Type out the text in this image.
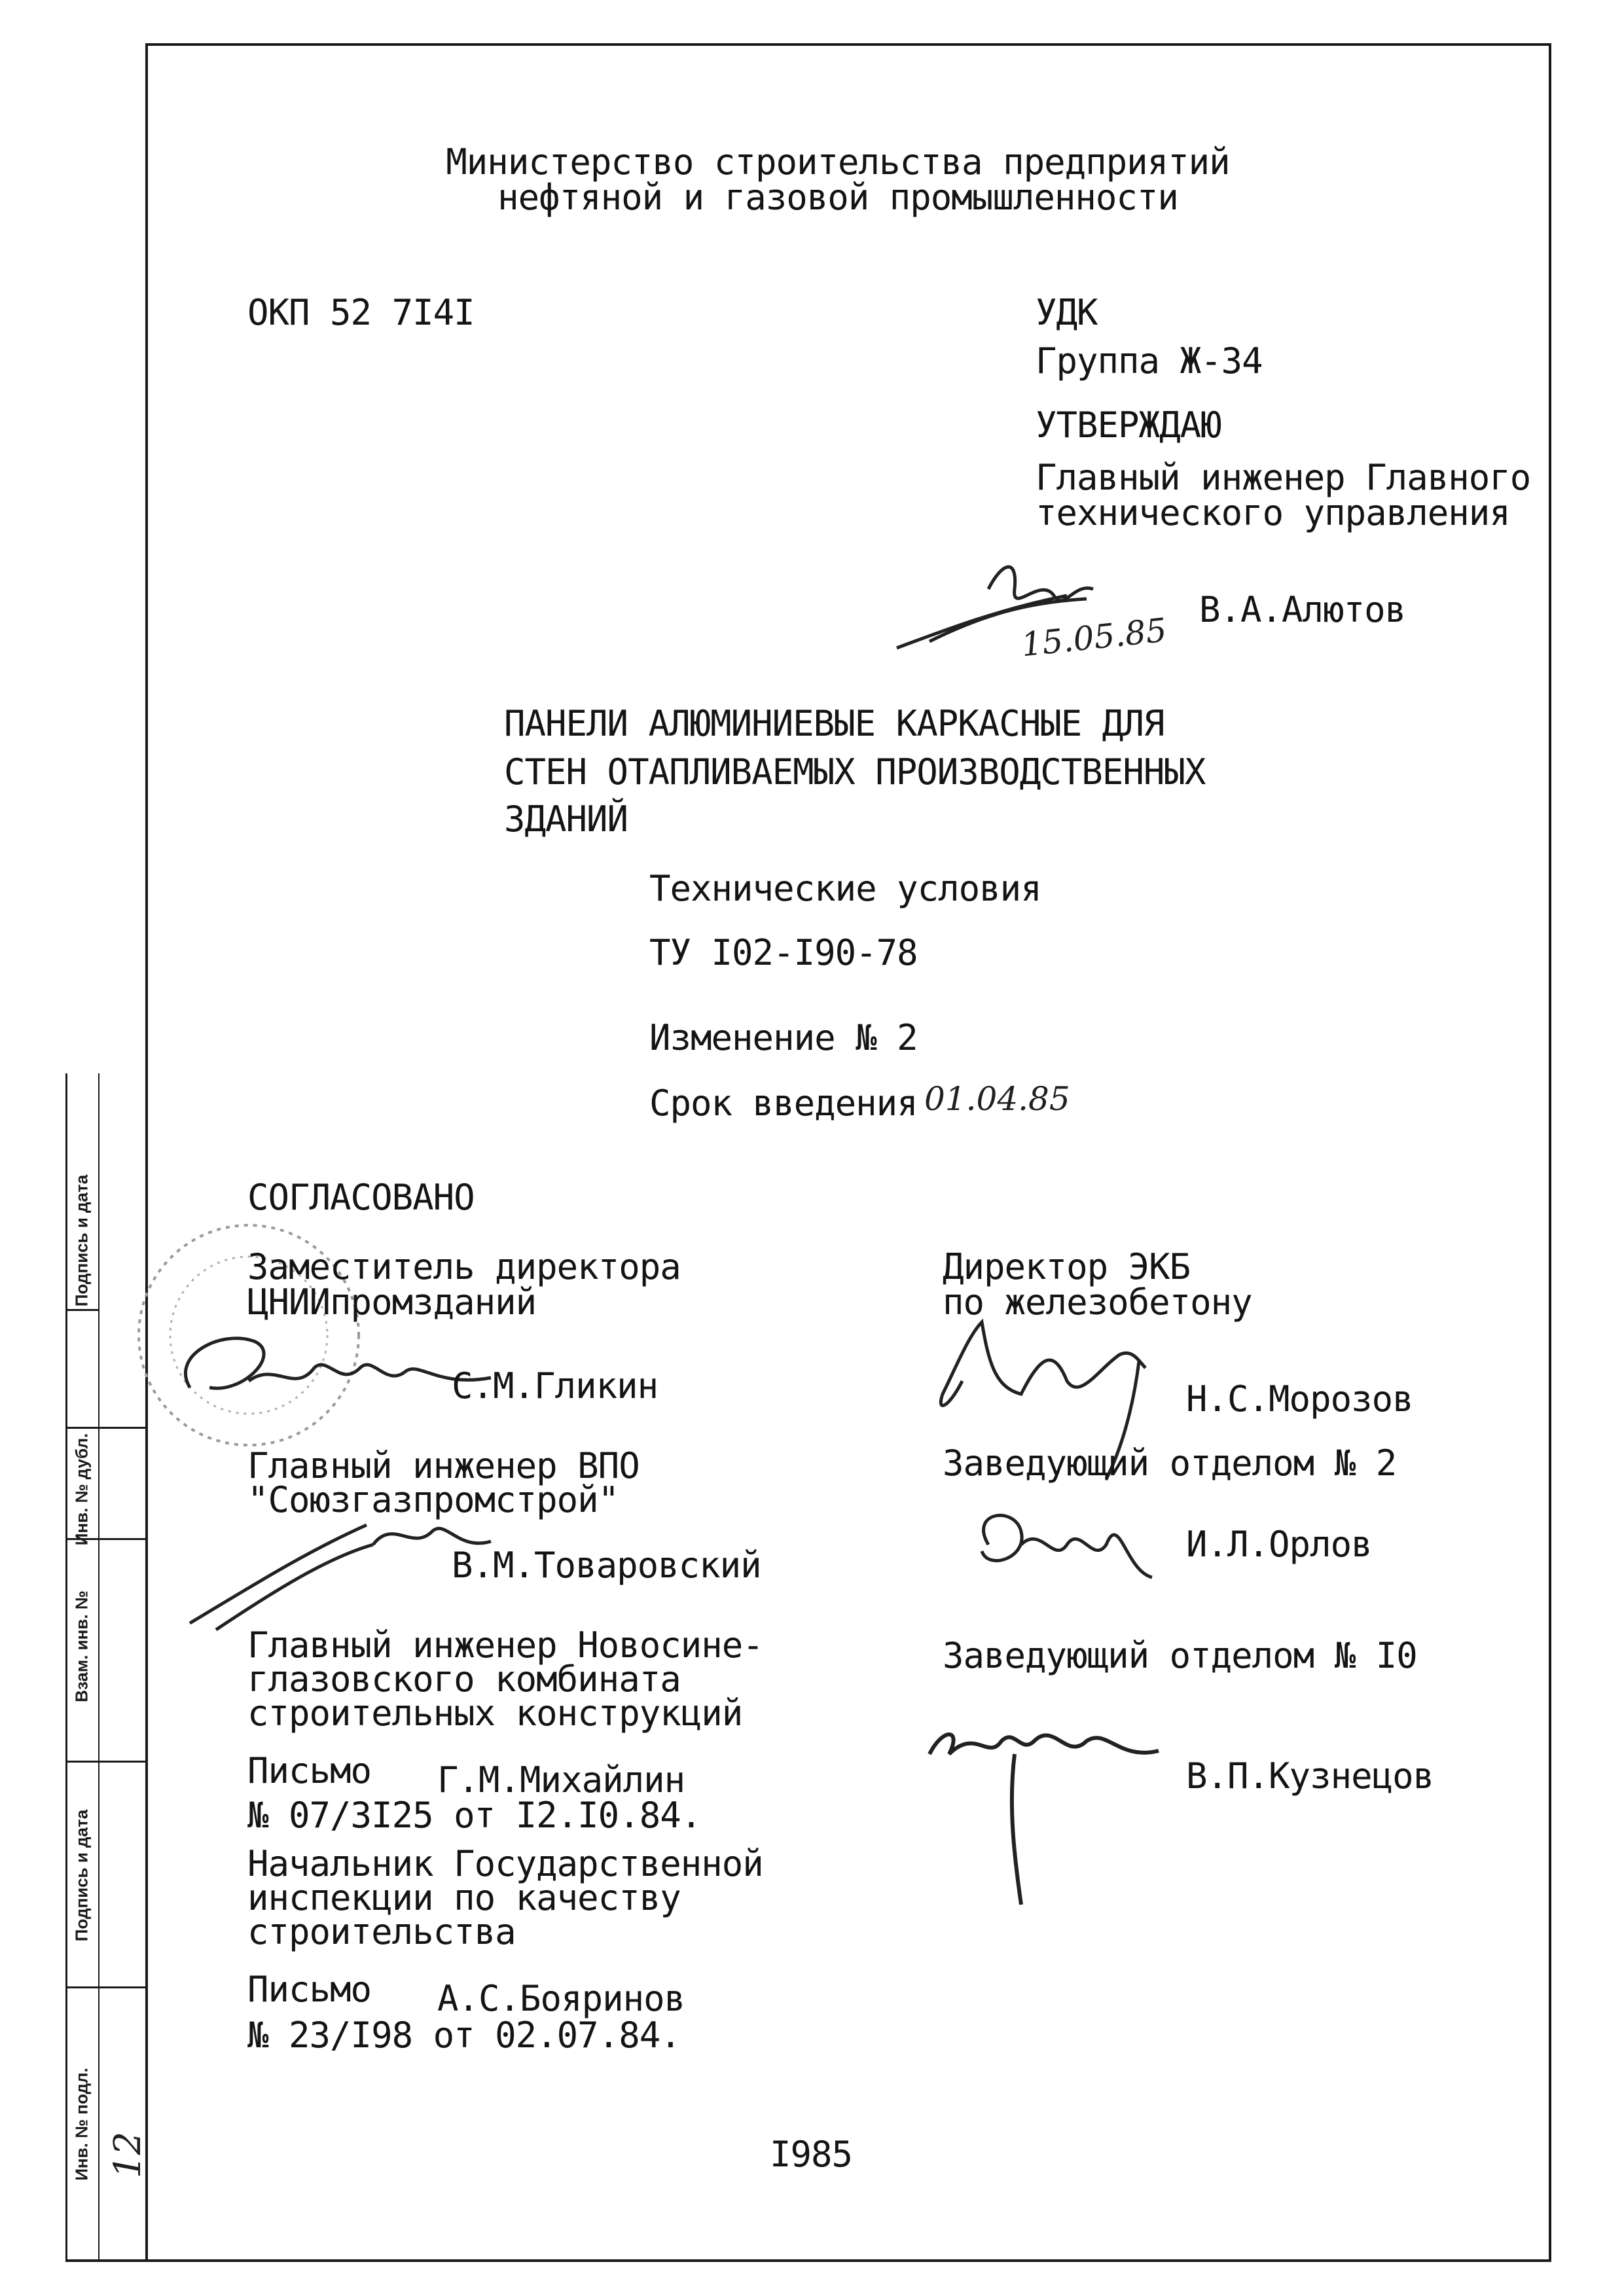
Инв. № подл.
Подпись и дата
Взам. инв. №
Инв. № дубл.
Подпись и дата
12
Министерство строительства предприятий
нефтяной и газовой промышленности
ОКП 52 7I4I	УДК
Группа Ж-34
УТВЕРЖДАЮ
Главный инженер Главного
технического управления
15.05.85
В.А.Алютов
ПАНЕЛИ АЛЮМИНИЕВЫЕ КАРКАСНЫЕ ДЛЯ
СТЕН ОТАПЛИВАЕМЫХ ПРОИЗВОДСТВЕННЫХ
ЗДАНИЙ
Технические условия
ТУ I02-I90-78
Изменение № 2
Срок введения 01.04.85
СОГЛАСОВАНО
Заместитель директора
ЦНИИпромзданий
С.М.Гликин
Главный инженер ВПО
"Союзгазпромстрой"
В.М.Товаровский
Главный инженер Новосине-
глазовского комбината
строительных конструкций
Письмо Г.М.Михайлин
№ 07/3I25 от I2.I0.84.
Начальник Государственной
инспекции по качеству
строительства
Письмо А.С.Бояринов
№ 23/I98 от 02.07.84.
Директор ЭКБ
по железобетону
Н.С.Морозов
Заведующий отделом № 2
И.Л.Орлов
Заведующий отделом № I0
В.П.Кузнецов
I985
